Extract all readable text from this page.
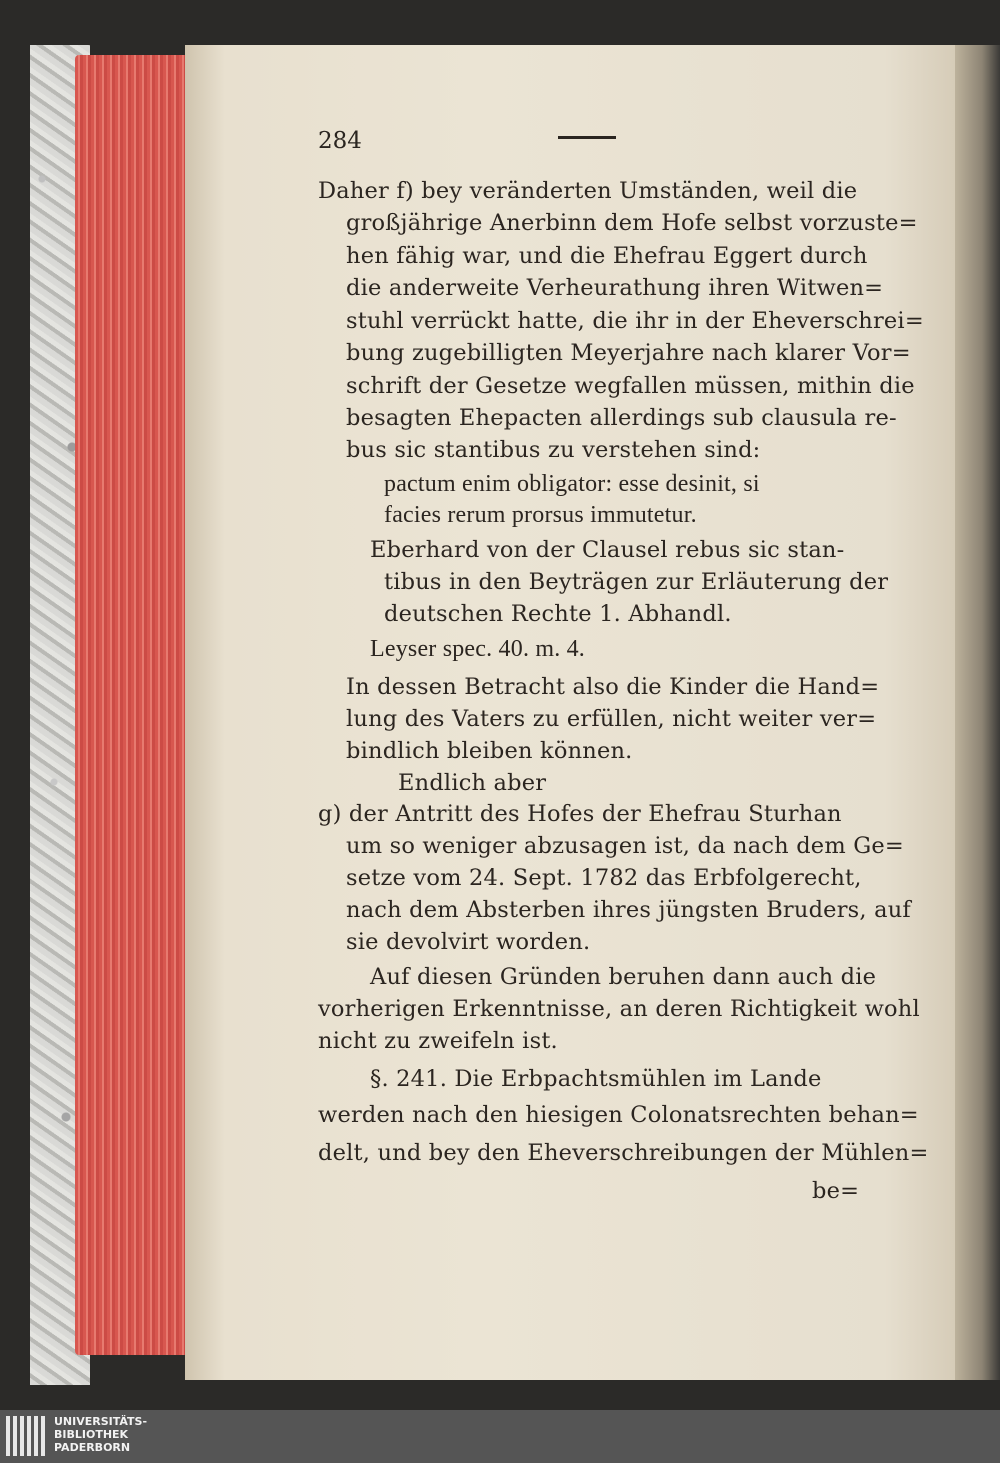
284
Daher f) bey veränderten Umständen, weil die
großjährige Anerbinn dem Hofe selbst vorzuste=
hen fähig war, und die Ehefrau Eggert durch
die anderweite Verheurathung ihren Witwen=
stuhl verrückt hatte, die ihr in der Eheverschrei=
bung zugebilligten Meyerjahre nach klarer Vor=
schrift der Gesetze wegfallen müssen, mithin die
besagten Ehepacten allerdings sub clausula re-
bus sic stantibus zu verstehen sind:
pactum enim obligator: esse desinit, si
facies rerum prorsus immutetur.
Eberhard von der Clausel rebus sic stan-
tibus in den Beyträgen zur Erläuterung der
deutschen Rechte 1. Abhandl.
Leyser spec. 40. m. 4.
In dessen Betracht also die Kinder die Hand=
lung des Vaters zu erfüllen, nicht weiter ver=
bindlich bleiben können.
Endlich aber
g) der Antritt des Hofes der Ehefrau Sturhan
um so weniger abzusagen ist, da nach dem Ge=
setze vom 24. Sept. 1782 das Erbfolgerecht,
nach dem Absterben ihres jüngsten Bruders, auf
sie devolvirt worden.
Auf diesen Gründen beruhen dann auch die
vorherigen Erkenntnisse, an deren Richtigkeit wohl
nicht zu zweifeln ist.
§. 241. Die Erbpachtsmühlen im Lande
werden nach den hiesigen Colonatsrechten behan=
delt, und bey den Eheverschreibungen der Mühlen=
be=
UNIVERSITÄTS-
BIBLIOTHEK
PADERBORN
